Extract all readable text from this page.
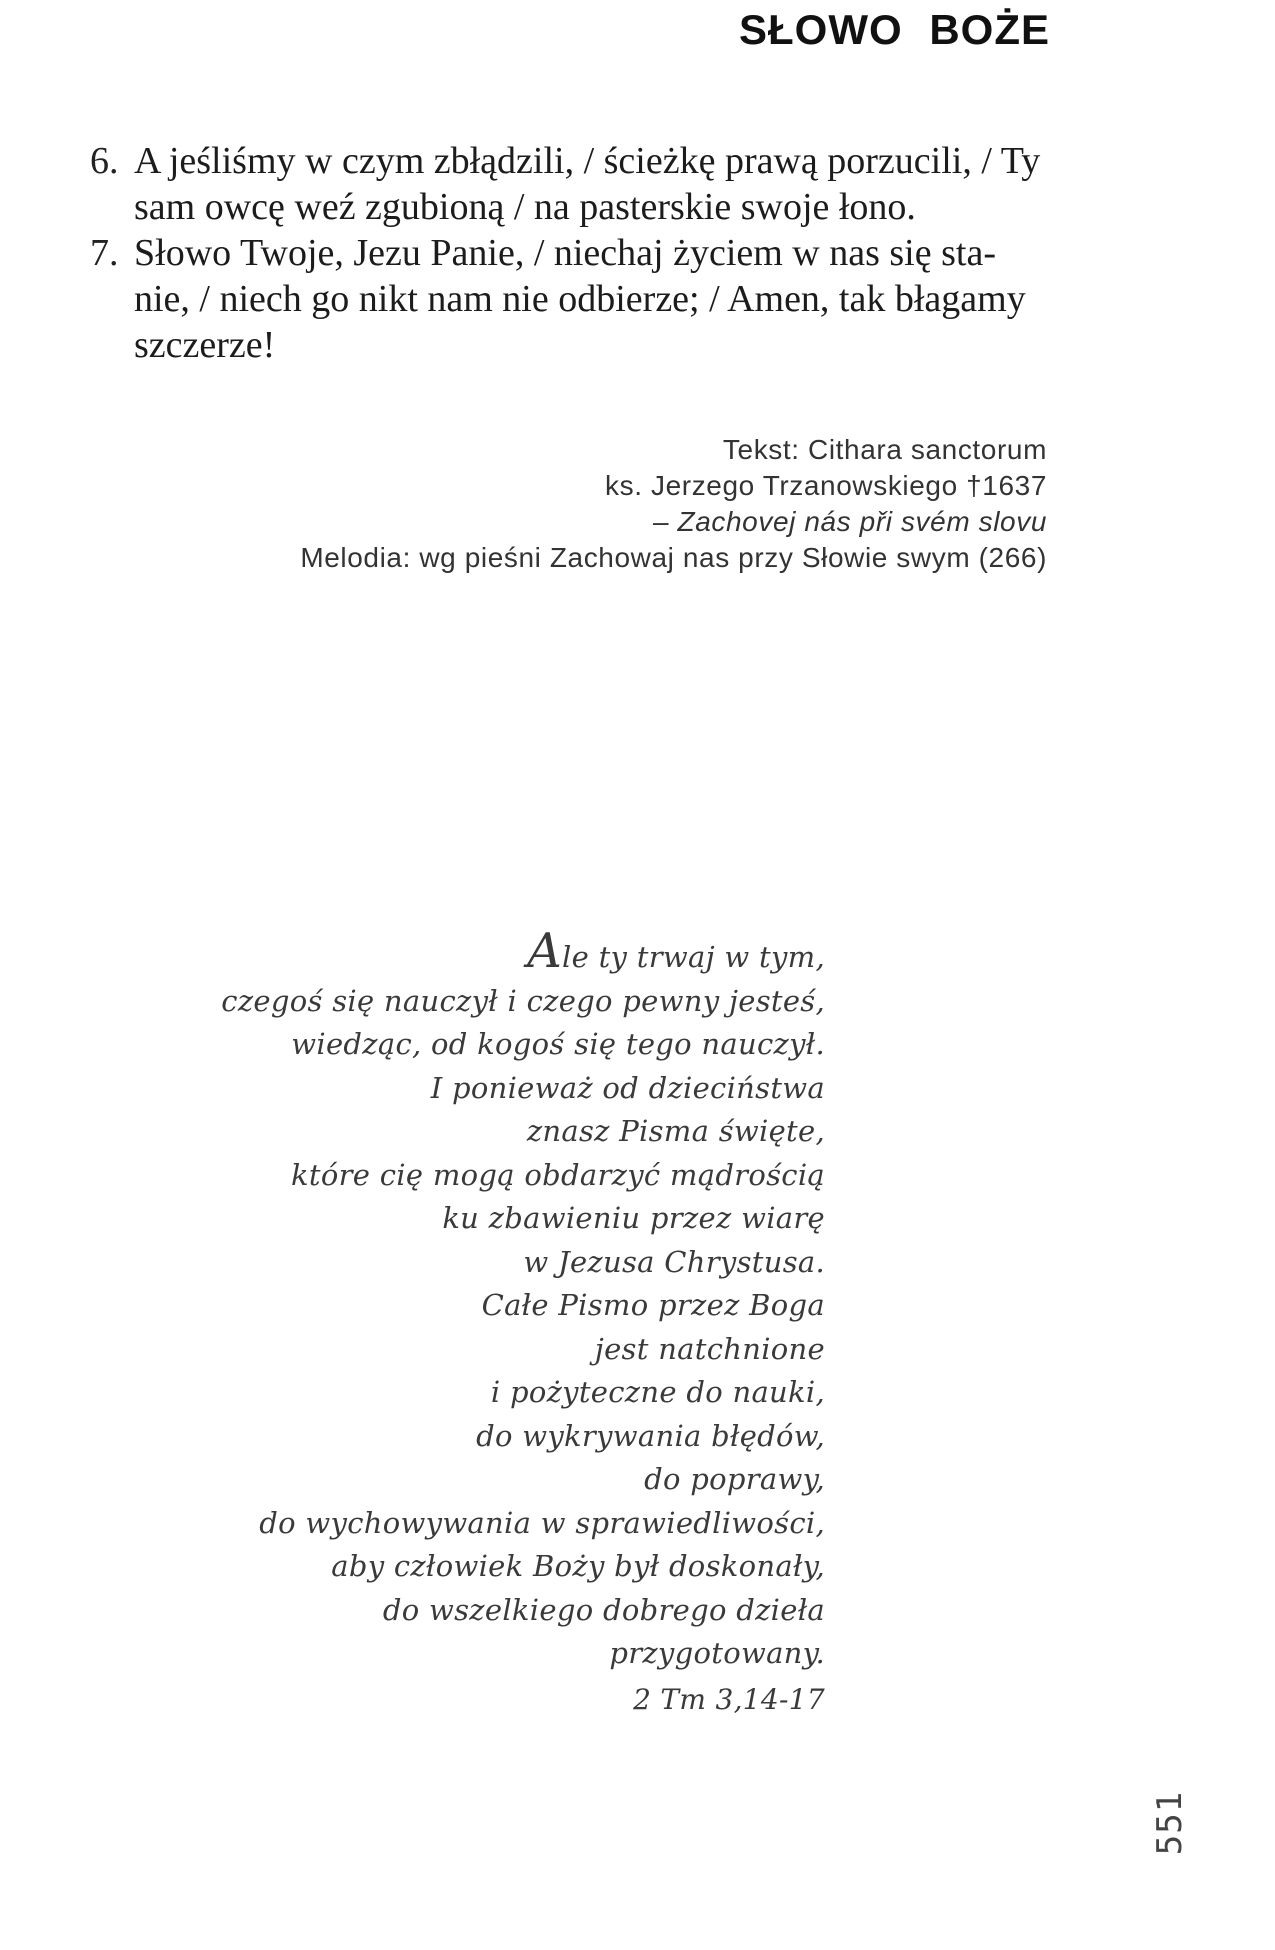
SŁOWO BOŻE
6. A jeśliśmy w czym zbłądzili, / ścieżkę prawą porzucili, / Ty
sam owcę weź zgubioną / na pasterskie swoje łono.
7. Słowo Twoje, Jezu Panie, / niechaj życiem w nas się sta-
nie, / niech go nikt nam nie odbierze; / Amen, tak błagamy
szczerze!
Tekst: Cithara sanctorum
ks. Jerzego Trzanowskiego †1637
– Zachovej nás při svém slovu
Melodia: wg pieśni Zachowaj nas przy Słowie swym (266)
Ale ty trwaj w tym,
czegoś się nauczył i czego pewny jesteś,
wiedząc, od kogoś się tego nauczył.
I ponieważ od dzieciństwa
znasz Pisma święte,
które cię mogą obdarzyć mądrością
ku zbawieniu przez wiarę
w Jezusa Chrystusa.
Całe Pismo przez Boga
jest natchnione
i pożyteczne do nauki,
do wykrywania błędów,
do poprawy,
do wychowywania w sprawiedliwości,
aby człowiek Boży był doskonały,
do wszelkiego dobrego dzieła
przygotowany.
2 Tm 3,14-17
551
